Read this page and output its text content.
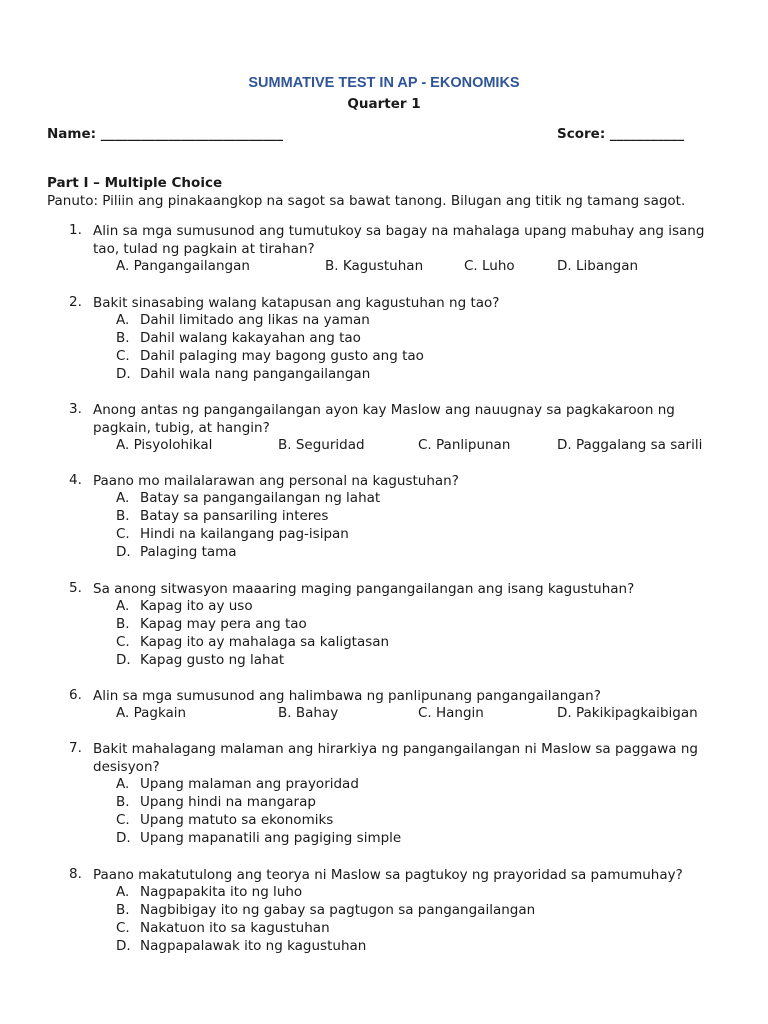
SUMMATIVE TEST IN AP - EKONOMIKS
Quarter 1
Name: ___________________________	Score: ___________
Part I – Multiple Choice
Panuto: Piliin ang pinakaangkop na sagot sa bawat tanong. Bilugan ang titik ng tamang sagot.
1. Alin sa mga sumusunod ang tumutukoy sa bagay na mahalaga upang mabuhay ang isang tao, tulad ng pagkain at tirahan?
A. Pangangailangan	B. Kagustuhan	C. Luho	D. Libangan
2. Bakit sinasabing walang katapusan ang kagustuhan ng tao?
A. Dahil limitado ang likas na yaman
B. Dahil walang kakayahan ang tao
C. Dahil palaging may bagong gusto ang tao
D. Dahil wala nang pangangailangan
3. Anong antas ng pangangailangan ayon kay Maslow ang nauugnay sa pagkakaroon ng pagkain, tubig, at hangin?
A. Pisyolohikal	B. Seguridad	C. Panlipunan	D. Paggalang sa sarili
4. Paano mo mailalarawan ang personal na kagustuhan?
A. Batay sa pangangailangan ng lahat
B. Batay sa pansariling interes
C. Hindi na kailangang pag-isipan
D. Palaging tama
5. Sa anong sitwasyon maaaring maging pangangailangan ang isang kagustuhan?
A. Kapag ito ay uso
B. Kapag may pera ang tao
C. Kapag ito ay mahalaga sa kaligtasan
D. Kapag gusto ng lahat
6. Alin sa mga sumusunod ang halimbawa ng panlipunang pangangailangan?
A. Pagkain	B. Bahay	C. Hangin	D. Pakikipagkaibigan
7. Bakit mahalagang malaman ang hirarkiya ng pangangailangan ni Maslow sa paggawa ng desisyon?
A. Upang malaman ang prayoridad
B. Upang hindi na mangarap
C. Upang matuto sa ekonomiks
D. Upang mapanatili ang pagiging simple
8. Paano makatutulong ang teorya ni Maslow sa pagtukoy ng prayoridad sa pamumuhay?
A. Nagpapakita ito ng luho
B. Nagbibigay ito ng gabay sa pagtugon sa pangangailangan
C. Nakatuon ito sa kagustuhan
D. Nagpapalawak ito ng kagustuhan
